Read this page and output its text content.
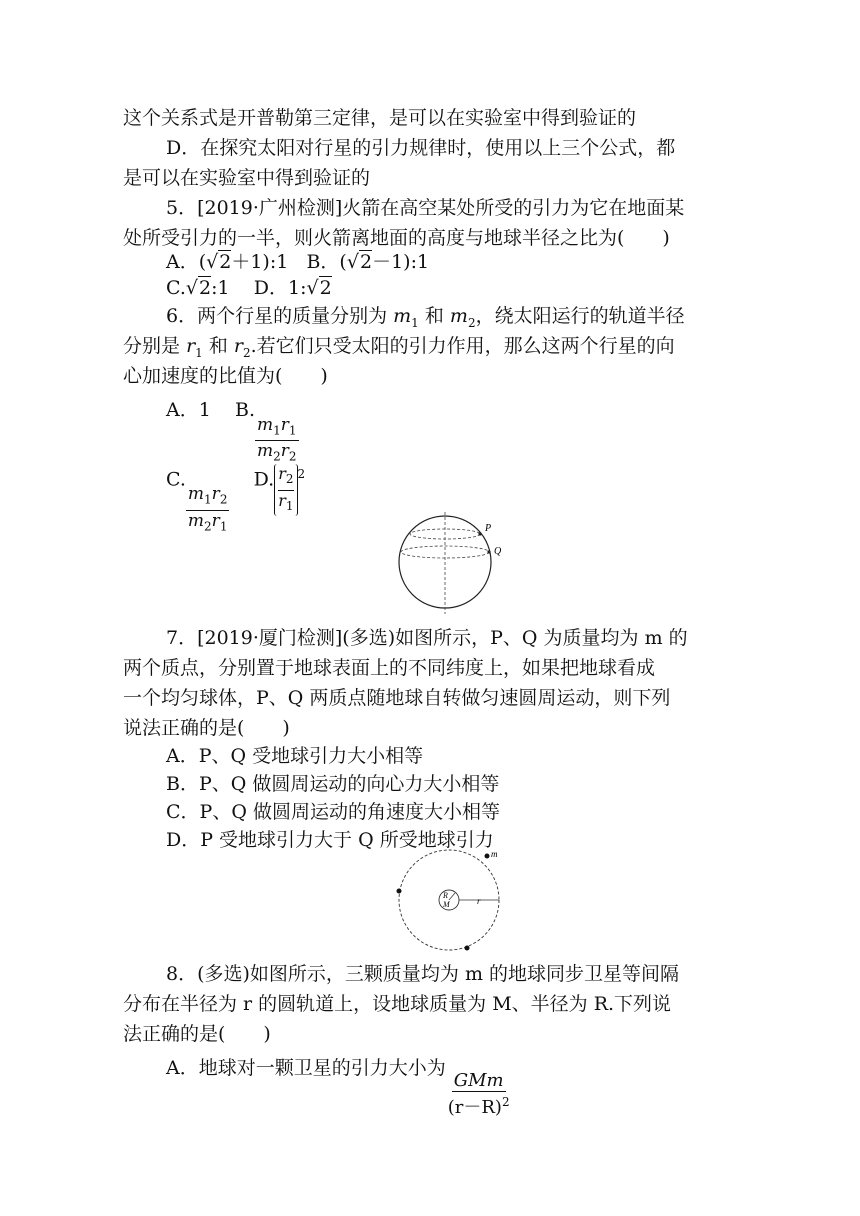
这个关系式是开普勒第三定律，是可以在实验室中得到验证的
D．在探究太阳对行星的引力规律时，使用以上三个公式，都
是可以在实验室中得到验证的
5．[2019·广州检测]火箭在高空某处所受的引力为它在地面某
处所受引力的一半，则火箭离地面的高度与地球半径之比为(　　)
A．(√2＋1):1 B．(√2－1):1
C.√2:1 D．1:√2
6．两个行星的质量分别为 $m_1$ 和 $m_2$，绕太阳运行的轨道半径
分别是 $r_1$ 和 $r_2$.若它们只受太阳的引力作用，那么这两个行星的向
心加速度的比值为(　　)
A．1 B.
$\frac{m_1r_1}{m_2r_2}$
C.
$\frac{m_1r_2}{m_2r_1}$
D. $\frac{r_2}{r_1} ^2$
P
Q
7．[2019·厦门检测](多选)如图所示，P、Q 为质量均为 m 的
两个质点，分别置于地球表面上的不同纬度上，如果把地球看成
一个均匀球体，P、Q 两质点随地球自转做匀速圆周运动，则下列
说法正确的是(　　)
A．P、Q 受地球引力大小相等
B．P、Q 做圆周运动的向心力大小相等
C．P、Q 做圆周运动的角速度大小相等
D．P 受地球引力大于 Q 所受地球引力
m
r
R
M
8．(多选)如图所示，三颗质量均为 m 的地球同步卫星等间隔
分布在半径为 r 的圆轨道上，设地球质量为 M、半径为 R.下列说
法正确的是(　　)
A．地球对一颗卫星的引力大小为
$\frac{\text{GMm}}{(r-R)^2}$
